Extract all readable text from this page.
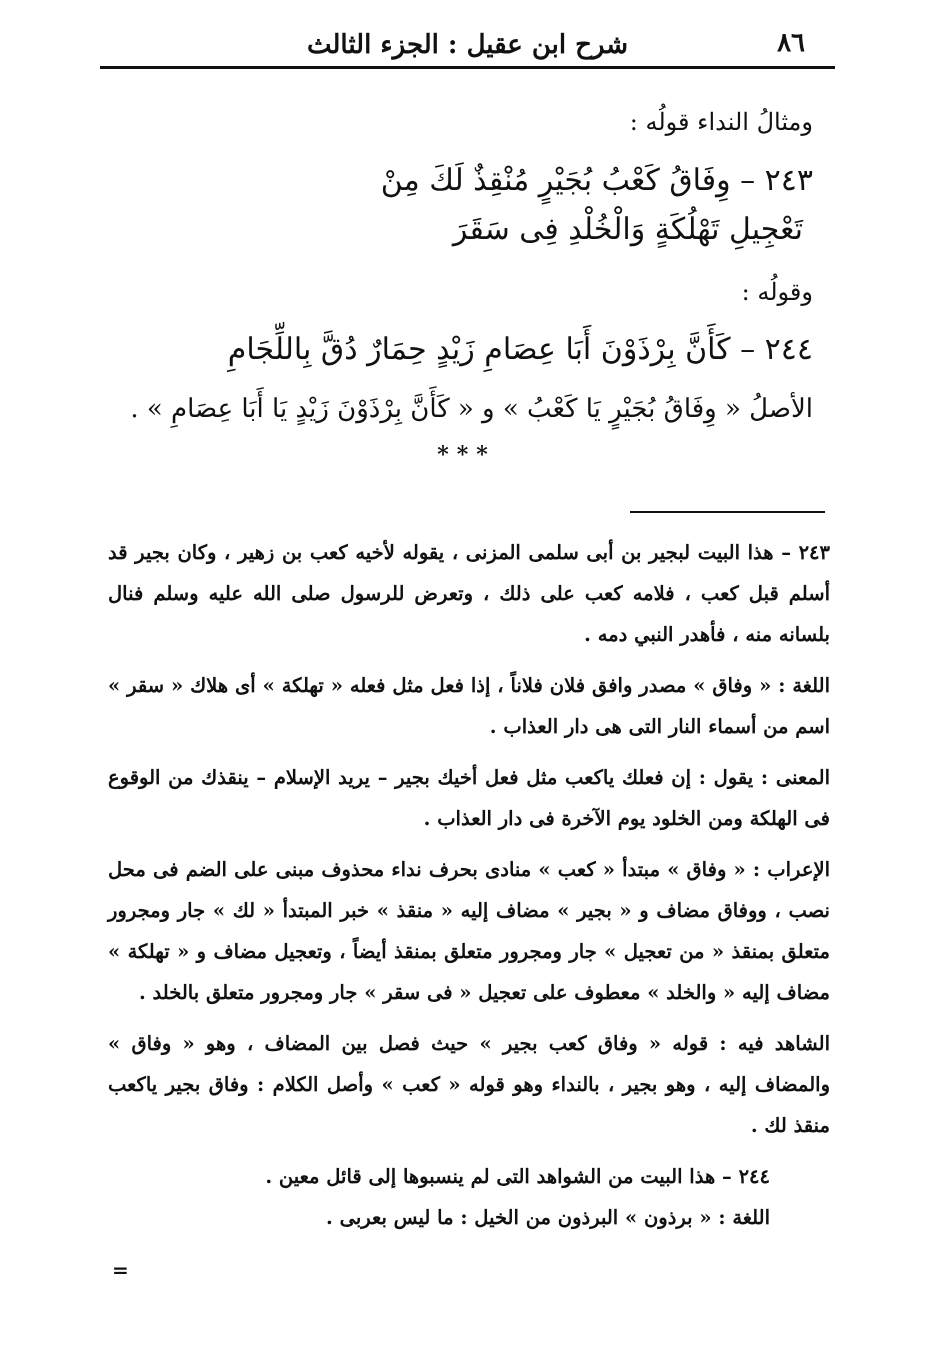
٨٦
شرح ابن عقيل : الجزء الثالث
ومثالُ النداء قولُه :
٢٤٣ – وِفَاقُ كَعْبُ بُجَيْرٍ مُنْقِذٌ لَكَ مِنْ
تَعْجِيلِ تَهْلُكَةٍ وَالْخُلْدِ فِى سَقَرَ
وقولُه :
٢٤٤ – كَأَنَّ بِرْذَوْنَ أَبَا عِصَامِ زَيْدٍ حِمَارٌ دُقَّ بِاللِّجَامِ
الأصلُ « وِفَاقُ بُجَيْرٍ يَا كَعْبُ » و « كَأَنَّ بِرْذَوْنَ زَيْدٍ يَا أَبَا عِصَامِ » .
***

٢٤٣ – هذا البيت لبجير بن أبى سلمى المزنى ، يقوله لأخيه كعب بن زهير ، وكان بجير قد أسلم قبل كعب ، فلامه كعب على ذلك ، وتعرض للرسول صلى الله عليه وسلم فنال بلسانه منه ، فأهدر النبي دمه .

اللغة : « وفاق » مصدر وافق فلان فلاناً ، إذا فعل مثل فعله « تهلكة » أى هلاك « سقر » اسم من أسماء النار التى هى دار العذاب .

المعنى : يقول : إن فعلك ياكعب مثل فعل أخيك بجير – يريد الإسلام – ينقذك من الوقوع فى الهلكة ومن الخلود يوم الآخرة فى دار العذاب .

الإعراب : « وفاق » مبتدأ « كعب » منادى بحرف نداء محذوف مبنى على الضم فى محل نصب ، ووفاق مضاف و « بجير » مضاف إليه « منقذ » خبر المبتدأ « لك » جار ومجرور متعلق بمنقذ « من تعجيل » جار ومجرور متعلق بمنقذ أيضاً ، وتعجيل مضاف و « تهلكة » مضاف إليه « والخلد » معطوف على تعجيل « فى سقر » جار ومجرور متعلق بالخلد .

الشاهد فيه : قوله « وفاق كعب بجير » حيث فصل بين المضاف ، وهو « وفاق » والمضاف إليه ، وهو بجير ، بالنداء وهو قوله « كعب » وأصل الكلام : وفاق بجير ياكعب منقذ لك .

٢٤٤ – هذا البيت من الشواهد التى لم ينسبوها إلى قائل معين .

اللغة : « برذون » البرذون من الخيل : ما ليس بعربى .

=
